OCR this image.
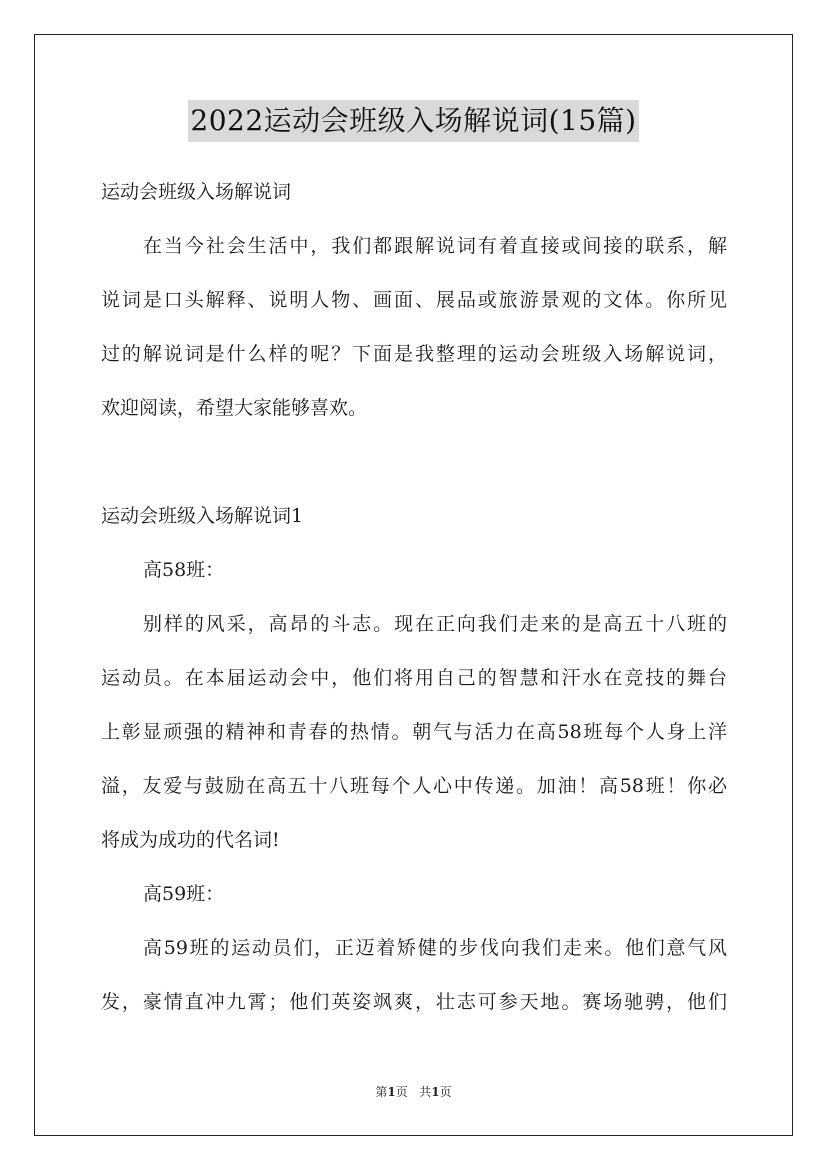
2022运动会班级入场解说词(15篇)
运动会班级入场解说词
在当今社会生活中，我们都跟解说词有着直接或间接的联系，解
说词是口头解释、说明人物、画面、展品或旅游景观的文体。你所见
过的解说词是什么样的呢？下面是我整理的运动会班级入场解说词，
欢迎阅读，希望大家能够喜欢。
运动会班级入场解说词1
高58班：
别样的风采，高昂的斗志。现在正向我们走来的是高五十八班的
运动员。在本届运动会中，他们将用自己的智慧和汗水在竞技的舞台
上彰显顽强的精神和青春的热情。朝气与活力在高58班每个人身上洋
溢，友爱与鼓励在高五十八班每个人心中传递。加油！高58班！你必
将成为成功的代名词!
高59班：
高59班的运动员们，正迈着矫健的步伐向我们走来。他们意气风
发，豪情直冲九霄；他们英姿飒爽，壮志可参天地。赛场驰骋，他们
第1页 共1页
